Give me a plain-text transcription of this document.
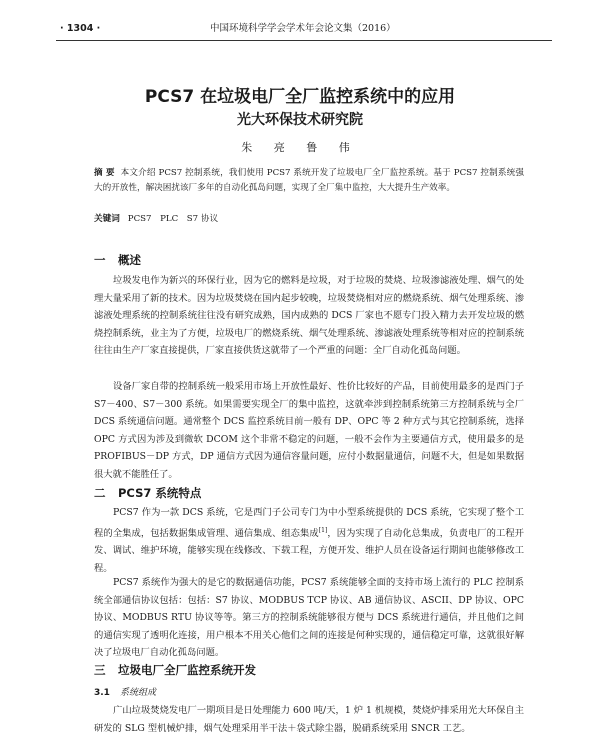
· 1304 ·	中国环境科学学会学术年会论文集（2016）
PCS7 在垃圾电厂全厂监控系统中的应用
光大环保技术研究院
朱 亮 鲁 伟
摘 要 本文介绍 PCS7 控制系统，我们使用 PCS7 系统开发了垃圾电厂全厂监控系统。基于 PCS7 控制系统强大的开放性，解决困扰该厂多年的自动化孤岛问题，实现了全厂集中监控，大大提升生产效率。
关键词 PCS7　PLC　S7 协议
一 概述
垃圾发电作为新兴的环保行业，因为它的燃料是垃圾，对于垃圾的焚烧、垃圾渗滤液处理、烟气的处理大量采用了新的技术。因为垃圾焚烧在国内起步较晚，垃圾焚烧相对应的燃烧系统、烟气处理系统、渗滤液处理系统的控制系统往往没有研究成熟，国内成熟的 DCS 厂家也不愿专门投入精力去开发垃圾的燃烧控制系统，业主为了方便，垃圾电厂的燃烧系统、烟气处理系统、渗滤液处理系统等相对应的控制系统往往由生产厂家直接提供，厂家直接供货这就带了一个严重的问题：全厂自动化孤岛问题。
设备厂家自带的控制系统一般采用市场上开放性最好、性价比较好的产品，目前使用最多的是西门子 S7－400、S7－300 系统。如果需要实现全厂的集中监控，这就牵涉到控制系统第三方控制系统与全厂 DCS 系统通信问题。通常整个 DCS 监控系统目前一般有 DP、OPC 等 2 种方式与其它控制系统，选择 OPC 方式因为涉及到微软 DCOM 这个非常不稳定的问题，一般不会作为主要通信方式，使用最多的是 PROFIBUS－DP 方式，DP 通信方式因为通信容量问题，应付小数据量通信，问题不大，但是如果数据很大就不能胜任了。
二 PCS7 系统特点
PCS7 作为一款 DCS 系统，它是西门子公司专门为中小型系统提供的 DCS 系统，它实现了整个工程的全集成，包括数据集成管理、通信集成、组态集成[1]，因为实现了自动化总集成，负责电厂的工程开发、调试、维护环境，能够实现在线修改、下载工程，方便开发、维护人员在设备运行期间也能够修改工程。
PCS7 系统作为强大的是它的数据通信功能，PCS7 系统能够全面的支持市场上流行的 PLC 控制系统全部通信协议包括：包括：S7 协议、MODBUS TCP 协议、AB 通信协议、ASCII、DP 协议、OPC 协议、MODBUS RTU 协议等等。第三方的控制系统能够很方便与 DCS 系统进行通信，并且他们之间的通信实现了透明化连接，用户根本不用关心他们之间的连接是何种实现的，通信稳定可靠，这就很好解决了垃圾电厂自动化孤岛问题。
三 垃圾电厂全厂监控系统开发
3.1 系统组成
广山垃圾焚烧发电厂一期项目是日处理能力 600 吨/天，1 炉 1 机规模，焚烧炉排采用光大环保自主研发的 SLG 型机械炉排，烟气处理采用半干法＋袋式除尘器，脱硝系统采用 SNCR 工艺。
